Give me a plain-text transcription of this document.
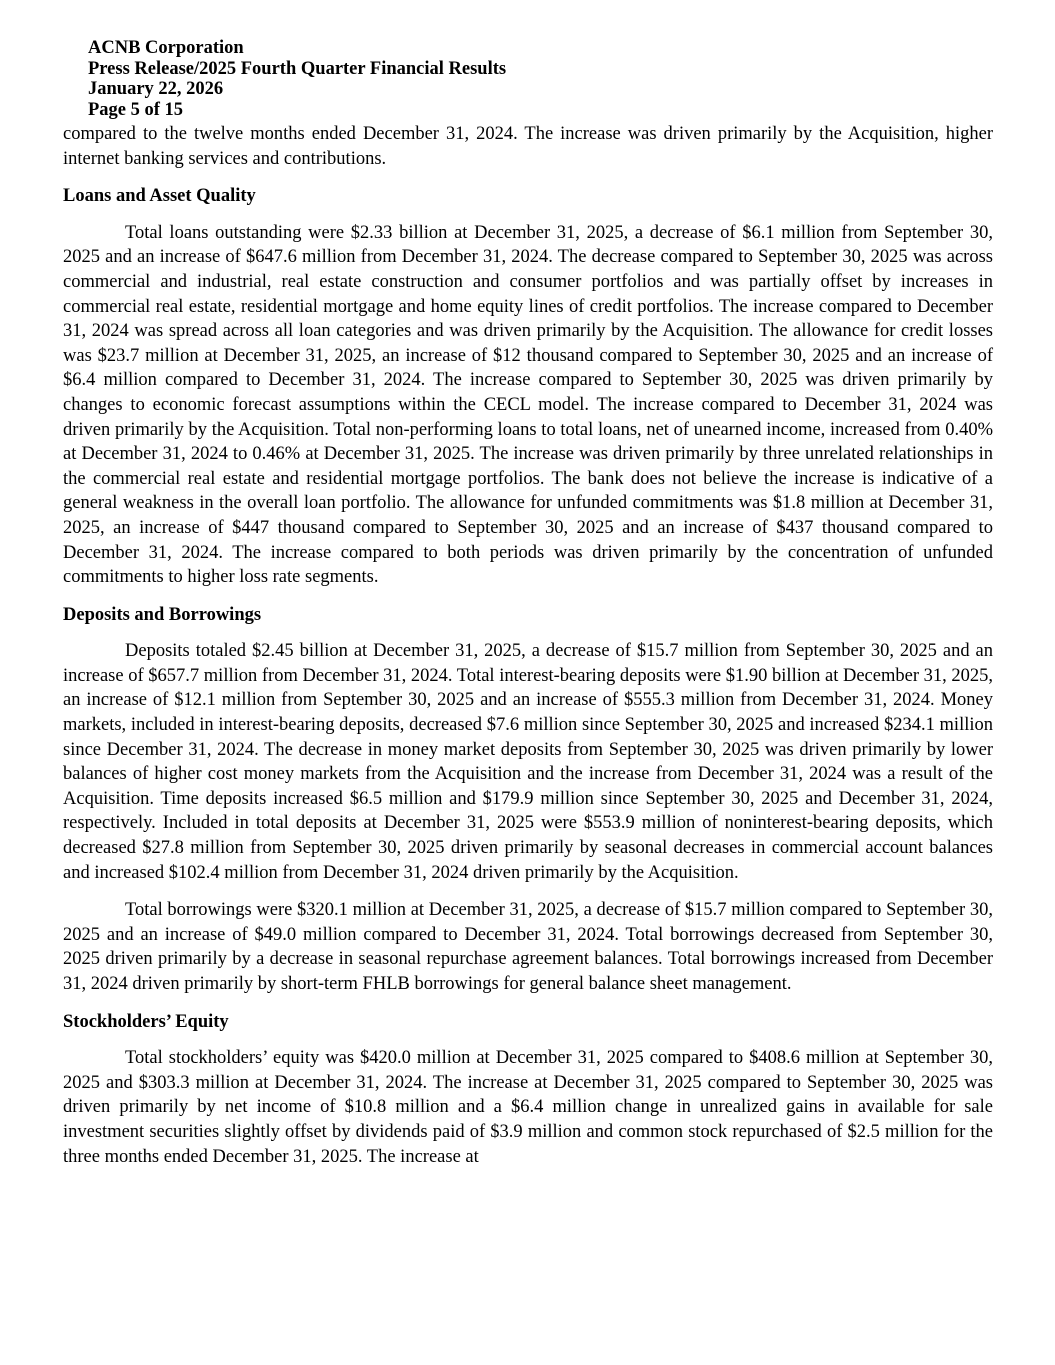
ACNB Corporation
Press Release/2025 Fourth Quarter Financial Results
January 22, 2026
Page 5 of 15

compared to the twelve months ended December 31, 2024. The increase was driven primarily by the Acquisition, higher internet banking services and contributions.

Loans and Asset Quality

Total loans outstanding were $2.33 billion at December 31, 2025, a decrease of $6.1 million from September 30, 2025 and an increase of $647.6 million from December 31, 2024. The decrease compared to September 30, 2025 was across commercial and industrial, real estate construction and consumer portfolios and was partially offset by increases in commercial real estate, residential mortgage and home equity lines of credit portfolios. The increase compared to December 31, 2024 was spread across all loan categories and was driven primarily by the Acquisition. The allowance for credit losses was $23.7 million at December 31, 2025, an increase of $12 thousand compared to September 30, 2025 and an increase of $6.4 million compared to December 31, 2024. The increase compared to September 30, 2025 was driven primarily by changes to economic forecast assumptions within the CECL model. The increase compared to December 31, 2024 was driven primarily by the Acquisition. Total non-performing loans to total loans, net of unearned income, increased from 0.40% at December 31, 2024 to 0.46% at December 31, 2025. The increase was driven primarily by three unrelated relationships in the commercial real estate and residential mortgage portfolios. The bank does not believe the increase is indicative of a general weakness in the overall loan portfolio. The allowance for unfunded commitments was $1.8 million at December 31, 2025, an increase of $447 thousand compared to September 30, 2025 and an increase of $437 thousand compared to December 31, 2024. The increase compared to both periods was driven primarily by the concentration of unfunded commitments to higher loss rate segments.

Deposits and Borrowings

Deposits totaled $2.45 billion at December 31, 2025, a decrease of $15.7 million from September 30, 2025 and an increase of $657.7 million from December 31, 2024. Total interest-bearing deposits were $1.90 billion at December 31, 2025, an increase of $12.1 million from September 30, 2025 and an increase of $555.3 million from December 31, 2024. Money markets, included in interest-bearing deposits, decreased $7.6 million since September 30, 2025 and increased $234.1 million since December 31, 2024. The decrease in money market deposits from September 30, 2025 was driven primarily by lower balances of higher cost money markets from the Acquisition and the increase from December 31, 2024 was a result of the Acquisition. Time deposits increased $6.5 million and $179.9 million since September 30, 2025 and December 31, 2024, respectively. Included in total deposits at December 31, 2025 were $553.9 million of noninterest-bearing deposits, which decreased $27.8 million from September 30, 2025 driven primarily by seasonal decreases in commercial account balances and increased $102.4 million from December 31, 2024 driven primarily by the Acquisition.

Total borrowings were $320.1 million at December 31, 2025, a decrease of $15.7 million compared to September 30, 2025 and an increase of $49.0 million compared to December 31, 2024. Total borrowings decreased from September 30, 2025 driven primarily by a decrease in seasonal repurchase agreement balances. Total borrowings increased from December 31, 2024 driven primarily by short-term FHLB borrowings for general balance sheet management.

Stockholders’ Equity

Total stockholders’ equity was $420.0 million at December 31, 2025 compared to $408.6 million at September 30, 2025 and $303.3 million at December 31, 2024. The increase at December 31, 2025 compared to September 30, 2025 was driven primarily by net income of $10.8 million and a $6.4 million change in unrealized gains in available for sale investment securities slightly offset by dividends paid of $3.9 million and common stock repurchased of $2.5 million for the three months ended December 31, 2025. The increase at
